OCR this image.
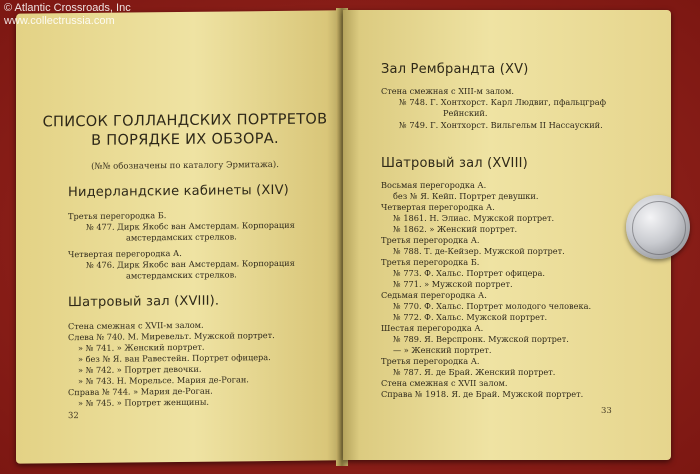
СПИСОК ГОЛЛАНДСКИХ ПОРТРЕТОВ
В ПОРЯДКЕ ИХ ОБЗОРА.
(№№ обозначены по каталогу Эрмитажа).
Нидерландские кабинеты (XIV)
Третья перегородка Б.
№ 477. Дирк Якобс ван Амстердам. Корпорация
амстердамских стрелков.
Четвертая перегородка А.
№ 476. Дирк Якобс ван Амстердам. Корпорация
амстердамских стрелков.
Шатровый зал (XVIII).
Стена смежная с XVII-м залом.
Слева № 740. М. Миревельт. Мужской портрет.
» № 741. » Женский портрет.
» без № Я. ван Равестейн. Портрет офицера.
» № 742. » Портрет девочки.
» № 743. Н. Морельсе. Мария де-Роган.
Справа № 744. » Мария де-Роган.
» № 745. » Портрет женщины.
32
Зал Рембрандта (XV)
Стена смежная с XIII-м залом.
№ 748. Г. Хонтхорст. Карл Людвиг, пфальцграф
Рейнский.
№ 749. Г. Хонтхорст. Вильгельм II Нассауский.
Шатровый зал (XVIII)
Восьмая перегородка А.
без № Я. Кейп. Портрет девушки.
Четвертая перегородка А.
№ 1861. Н. Элиас. Мужской портрет.
№ 1862. » Женский портрет.
Третья перегородка А.
№ 788. Т. де-Кейзер. Мужской портрет.
Третья перегородка Б.
№ 773. Ф. Хальс. Портрет офицера.
№ 771. » Мужской портрет.
Седьмая перегородка А.
№ 770. Ф. Хальс. Портрет молодого человека.
№ 772. Ф. Хальс. Мужской портрет.
Шестая перегородка А.
№ 789. Я. Верспронк. Мужской портрет.
— » Женский портрет.
Третья перегородка А.
№ 787. Я. де Брай. Женский портрет.
Стена смежная с XVII залом.
Справа № 1918. Я. де Брай. Мужской портрет.
33
© Atlantic Crossroads, Inc
www.collectrussia.com
